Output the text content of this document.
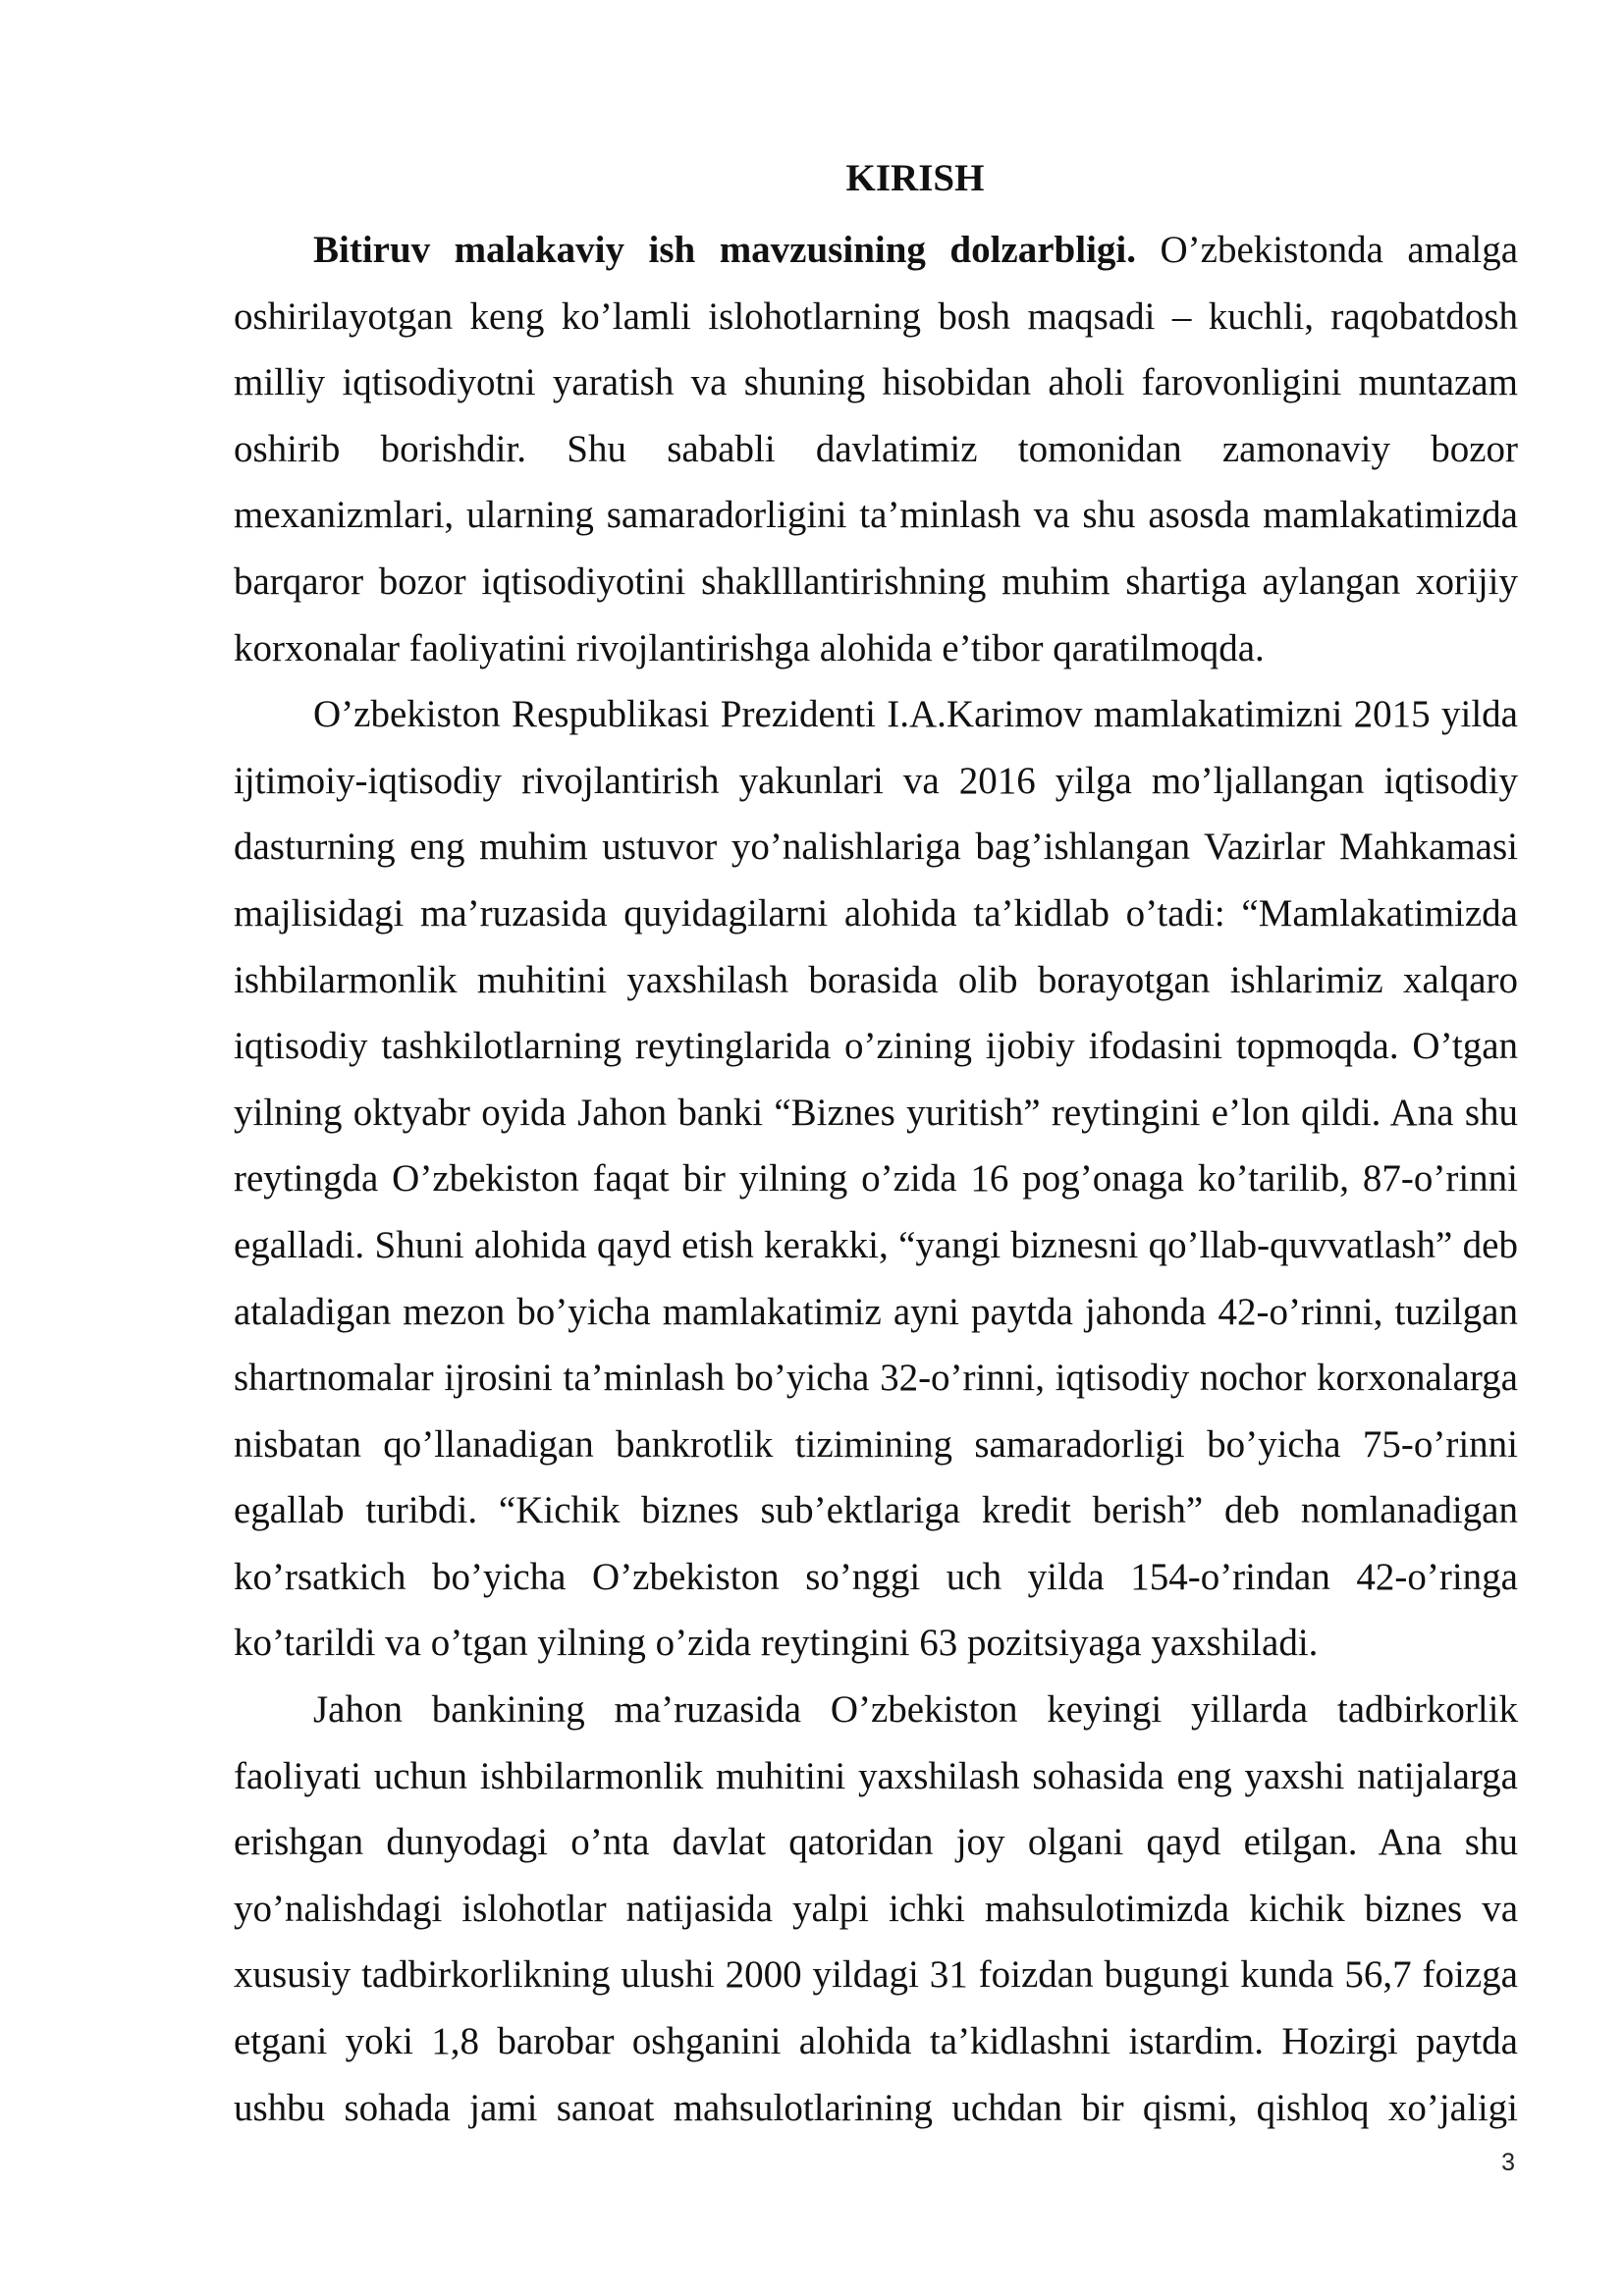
KIRISH
Bitiruv malakaviy ish mavzusining dolzarbligi. O’zbekistonda amalga
oshirilayotgan keng ko’lamli islohotlarning bosh maqsadi – kuchli, raqobatdosh
milliy iqtisodiyotni yaratish va shuning hisobidan aholi farovonligini muntazam
oshirib borishdir. Shu sababli davlatimiz tomonidan zamonaviy bozor
mexanizmlari, ularning samaradorligini ta’minlash va shu asosda mamlakatimizda
barqaror bozor iqtisodiyotini shaklllantirishning muhim shartiga aylangan xorijiy
korxonalar faoliyatini rivojlantirishga alohida e’tibor qaratilmoqda.
O’zbekiston Respublikasi Prezidenti I.A.Karimov mamlakatimizni 2015 yilda
ijtimoiy-iqtisodiy rivojlantirish yakunlari va 2016 yilga mo’ljallangan iqtisodiy
dasturning eng muhim ustuvor yo’nalishlariga bag’ishlangan Vazirlar Mahkamasi
majlisidagi ma’ruzasida quyidagilarni alohida ta’kidlab o’tadi: “Mamlakatimizda
ishbilarmonlik muhitini yaxshilash borasida olib borayotgan ishlarimiz xalqaro
iqtisodiy tashkilotlarning reytinglarida o’zining ijobiy ifodasini topmoqda. O’tgan
yilning oktyabr oyida Jahon banki “Biznes yuritish” reytingini e’lon qildi. Ana shu
reytingda O’zbekiston faqat bir yilning o’zida 16 pog’onaga ko’tarilib, 87-o’rinni
egalladi. Shuni alohida qayd etish kerakki, “yangi biznesni qo’llab-quvvatlash” deb
ataladigan mezon bo’yicha mamlakatimiz ayni paytda jahonda 42-o’rinni, tuzilgan
shartnomalar ijrosini ta’minlash bo’yicha 32-o’rinni, iqtisodiy nochor korxonalarga
nisbatan qo’llanadigan bankrotlik tizimining samaradorligi bo’yicha 75-o’rinni
egallab turibdi. “Kichik biznes sub’ektlariga kredit berish” deb nomlanadigan
ko’rsatkich bo’yicha O’zbekiston so’nggi uch yilda 154-o’rindan 42-o’ringa
ko’tarildi va o’tgan yilning o’zida reytingini 63 pozitsiyaga yaxshiladi.
Jahon bankining ma’ruzasida O’zbekiston keyingi yillarda tadbirkorlik
faoliyati uchun ishbilarmonlik muhitini yaxshilash sohasida eng yaxshi natijalarga
erishgan dunyodagi o’nta davlat qatoridan joy olgani qayd etilgan. Ana shu
yo’nalishdagi islohotlar natijasida yalpi ichki mahsulotimizda kichik biznes va
xususiy tadbirkorlikning ulushi 2000 yildagi 31 foizdan bugungi kunda 56,7 foizga
etgani yoki 1,8 barobar oshganini alohida ta’kidlashni istardim. Hozirgi paytda
ushbu sohada jami sanoat mahsulotlarining uchdan bir qismi, qishloq xo’jaligi
3
